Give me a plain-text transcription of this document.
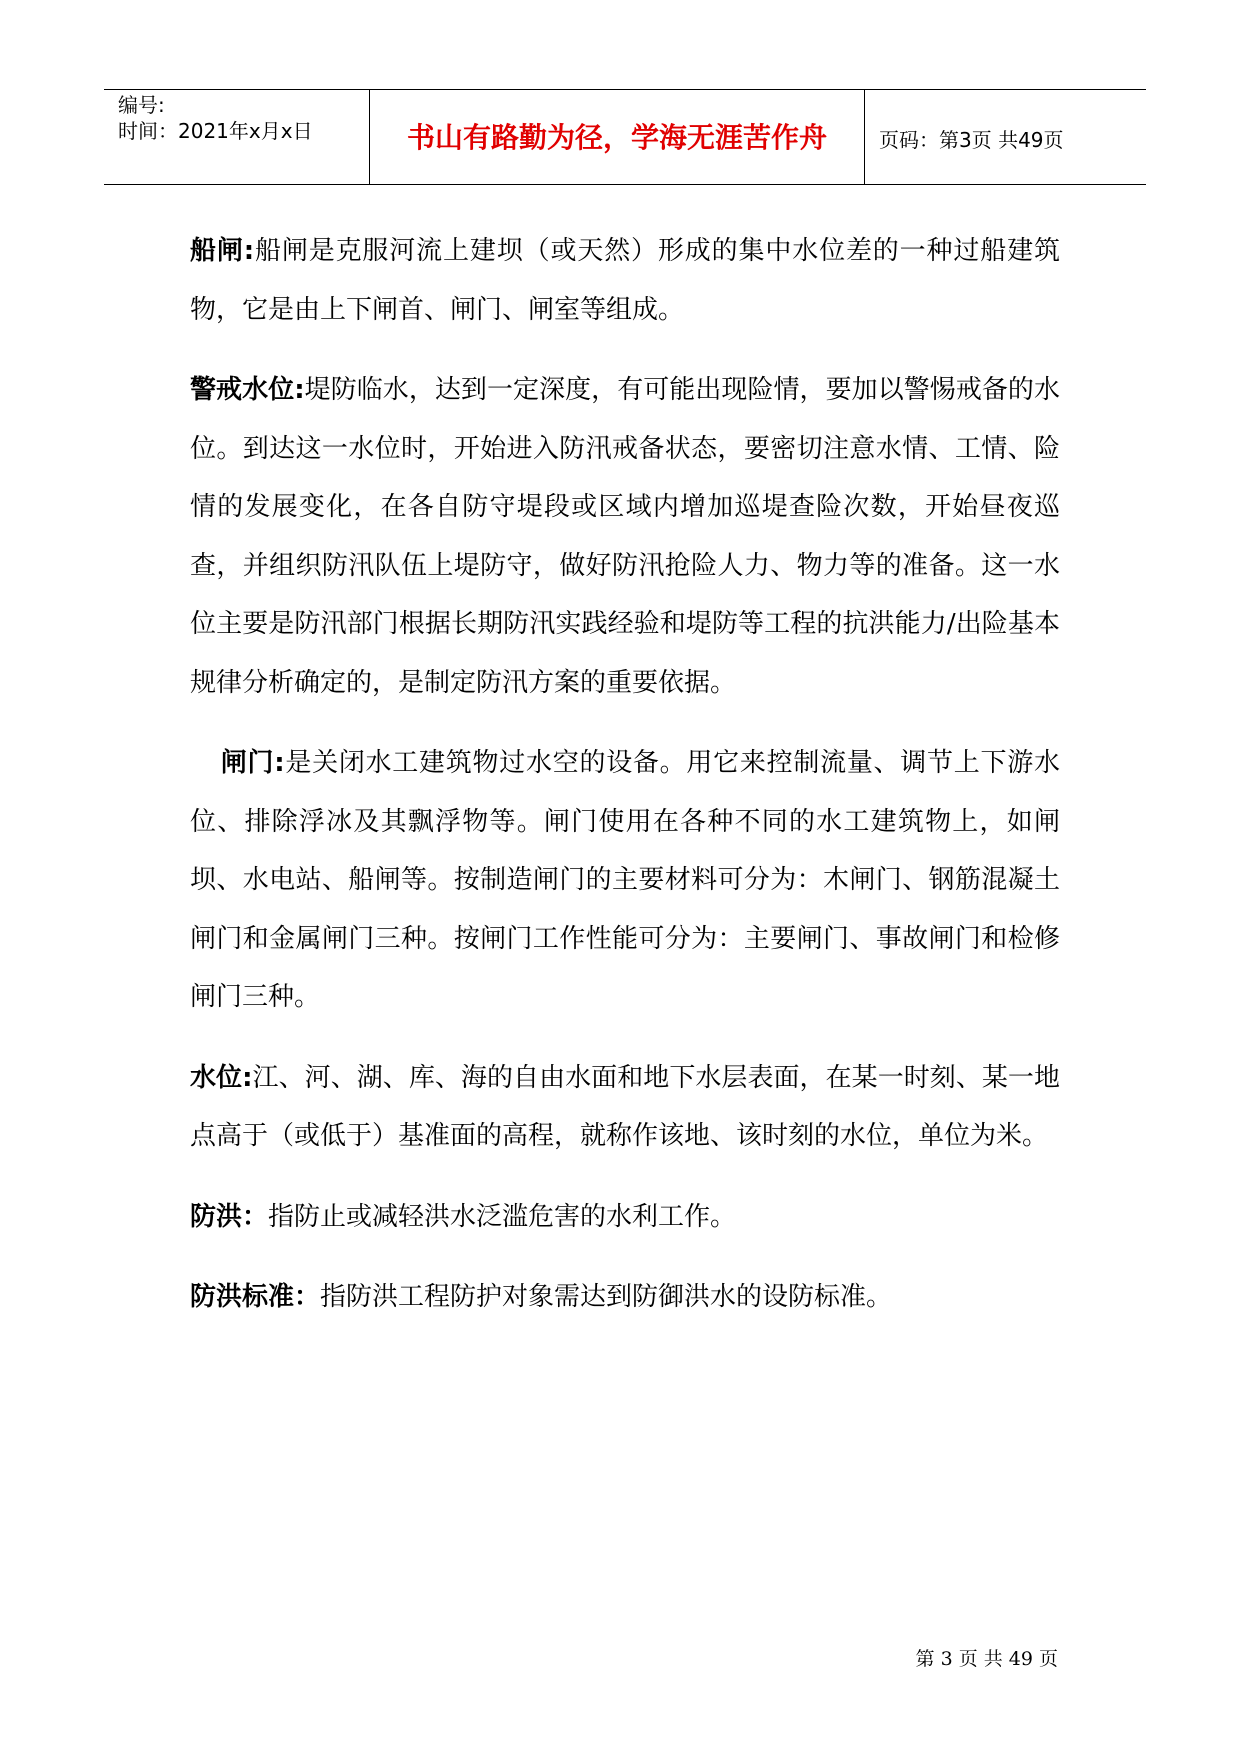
编号:
时间：2021年x月x日	书山有路勤为径，学海无涯苦作舟	页码：第3页 共49页

船闸:船闸是克服河流上建坝（或天然）形成的集中水位差的一种过船建筑物，它是由上下闸首、闸门、闸室等组成。

警戒水位:堤防临水，达到一定深度，有可能出现险情，要加以警惕戒备的水位。到达这一水位时，开始进入防汛戒备状态，要密切注意水情、工情、险情的发展变化，在各自防守堤段或区域内增加巡堤查险次数，开始昼夜巡查，并组织防汛队伍上堤防守，做好防汛抢险人力、物力等的准备。这一水位主要是防汛部门根据长期防汛实践经验和堤防等工程的抗洪能力/出险基本规律分析确定的，是制定防汛方案的重要依据。

闸门:是关闭水工建筑物过水空的设备。用它来控制流量、调节上下游水位、排除浮冰及其飘浮物等。闸门使用在各种不同的水工建筑物上，如闸坝、水电站、船闸等。按制造闸门的主要材料可分为：木闸门、钢筋混凝土闸门和金属闸门三种。按闸门工作性能可分为：主要闸门、事故闸门和检修闸门三种。

水位:江、河、湖、库、海的自由水面和地下水层表面，在某一时刻、某一地点高于（或低于）基准面的高程，就称作该地、该时刻的水位，单位为米。

防洪：指防止或减轻洪水泛滥危害的水利工作。

防洪标准：指防洪工程防护对象需达到防御洪水的设防标准。

第 3 页 共 49 页
